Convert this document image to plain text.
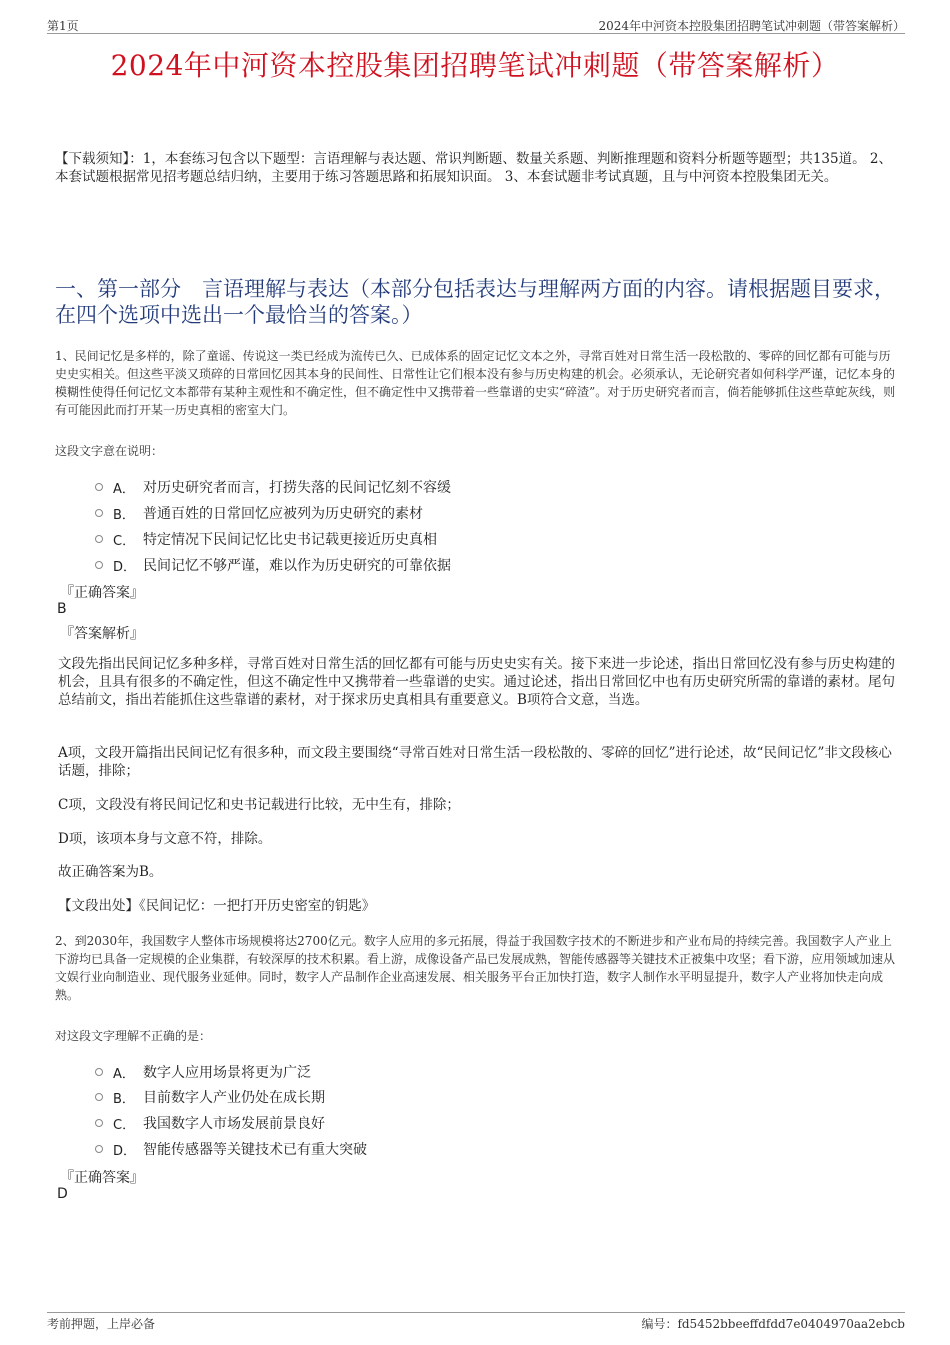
第1页	2024年中河资本控股集团招聘笔试冲刺题（带答案解析）
2024年中河资本控股集团招聘笔试冲刺题（带答案解析）
【下载须知】：1，本套练习包含以下题型：言语理解与表达题、常识判断题、数量关系题、判断推理题和资料分析题等题型；共135道。 2、本套试题根据常见招考题总结归纳，主要用于练习答题思路和拓展知识面。 3、本套试题非考试真题，且与中河资本控股集团无关。
一、第一部分　言语理解与表达（本部分包括表达与理解两方面的内容。请根据题目要求，在四个选项中选出一个最恰当的答案。）
1、民间记忆是多样的，除了童谣、传说这一类已经成为流传已久、已成体系的固定记忆文本之外，寻常百姓对日常生活一段松散的、零碎的回忆都有可能与历史史实相关。但这些平淡又琐碎的日常回忆因其本身的民间性、日常性让它们根本没有参与历史构建的机会。必须承认，无论研究者如何科学严谨，记忆本身的模糊性使得任何记忆文本都带有某种主观性和不确定性，但不确定性中又携带着一些靠谱的史实“碎渣”。对于历史研究者而言，倘若能够抓住这些草蛇灰线，则有可能因此而打开某一历史真相的密室大门。
这段文字意在说明：
A． 对历史研究者而言，打捞失落的民间记忆刻不容缓
B． 普通百姓的日常回忆应被列为历史研究的素材
C． 特定情况下民间记忆比史书记载更接近历史真相
D． 民间记忆不够严谨，难以作为历史研究的可靠依据
『正确答案』
B
『答案解析』
文段先指出民间记忆多种多样，寻常百姓对日常生活的回忆都有可能与历史史实有关。接下来进一步论述，指出日常回忆没有参与历史构建的机会，且具有很多的不确定性，但这不确定性中又携带着一些靠谱的史实。通过论述，指出日常回忆中也有历史研究所需的靠谱的素材。尾句总结前文，指出若能抓住这些靠谱的素材，对于探求历史真相具有重要意义。B项符合文意，当选。
A项，文段开篇指出民间记忆有很多种，而文段主要围绕“寻常百姓对日常生活一段松散的、零碎的回忆”进行论述，故“民间记忆”非文段核心话题，排除；
C项，文段没有将民间记忆和史书记载进行比较，无中生有，排除；
D项，该项本身与文意不符，排除。
故正确答案为B。
【文段出处】《民间记忆：一把打开历史密室的钥匙》
2、到2030年，我国数字人整体市场规模将达2700亿元。数字人应用的多元拓展，得益于我国数字技术的不断进步和产业布局的持续完善。我国数字人产业上下游均已具备一定规模的企业集群，有较深厚的技术积累。看上游，成像设备产品已发展成熟，智能传感器等关键技术正被集中攻坚；看下游，应用领域加速从文娱行业向制造业、现代服务业延伸。同时，数字人产品制作企业高速发展、相关服务平台正加快打造，数字人制作水平明显提升，数字人产业将加快走向成熟。
对这段文字理解不正确的是：
A． 数字人应用场景将更为广泛
B． 目前数字人产业仍处在成长期
C． 我国数字人市场发展前景良好
D． 智能传感器等关键技术已有重大突破
『正确答案』
D
考前押题，上岸必备	编号：fd5452bbeeffdfdd7e0404970aa2ebcb
